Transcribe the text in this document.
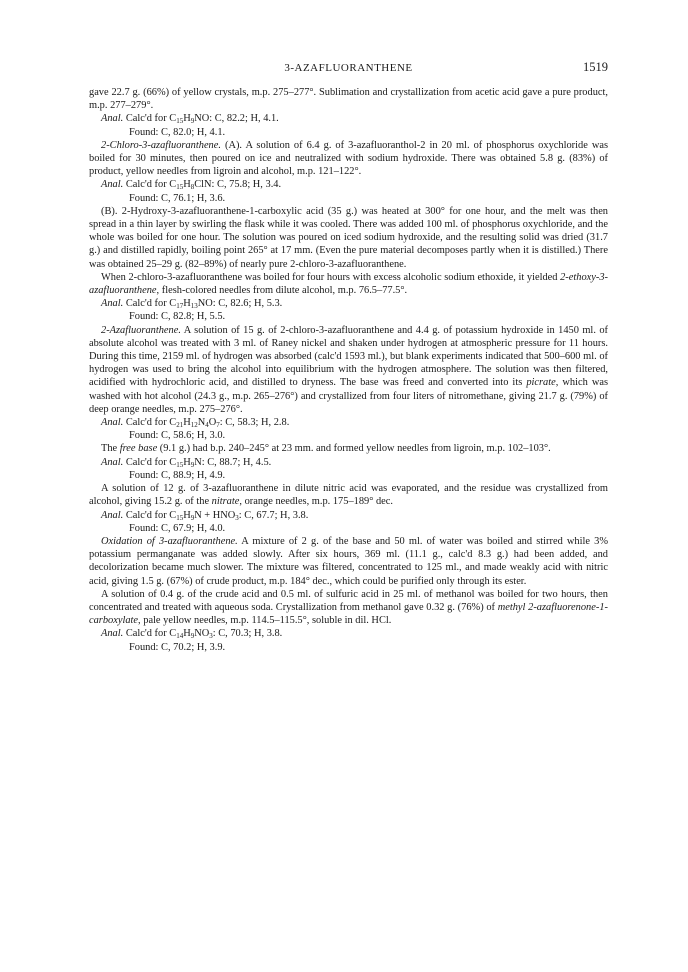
3-AZAFLUORANTHENE	1519

gave 22.7 g. (66%) of yellow crystals, m.p. 275–277°. Sublimation and crystallization from acetic acid gave a pure product, m.p. 277–279°.

Anal. Calc'd for $C_{15}H_9NO$: C, 82.2; H, 4.1.

Found: C, 82.0; H, 4.1.

2-Chloro-3-azafluoranthene. (A). A solution of 6.4 g. of 3-azafluoranthol-2 in 20 ml. of phosphorus oxychloride was boiled for 30 minutes, then poured on ice and neutralized with sodium hydroxide. There was obtained 5.8 g. (83%) of product, yellow needles from ligroin and alcohol, m.p. 121–122°.

Anal. Calc'd for $C_{15}H_8ClN$: C, 75.8; H, 3.4.

Found: C, 76.1; H, 3.6.

(B). 2-Hydroxy-3-azafluoranthene-1-carboxylic acid (35 g.) was heated at 300° for one hour, and the melt was then spread in a thin layer by swirling the flask while it was cooled. There was added 100 ml. of phosphorus oxychloride, and the whole was boiled for one hour. The solution was poured on iced sodium hydroxide, and the resulting solid was dried (31.7 g.) and distilled rapidly, boiling point 265° at 17 mm. (Even the pure material decomposes partly when it is distilled.) There was obtained 25–29 g. (82–89%) of nearly pure 2-chloro-3-azafluoranthene.

When 2-chloro-3-azafluoranthene was boiled for four hours with excess alcoholic sodium ethoxide, it yielded 2-ethoxy-3-azafluoranthene, flesh-colored needles from dilute alcohol, m.p. 76.5–77.5°.

Anal. Calc'd for $C_{17}H_{13}NO$: C, 82.6; H, 5.3.

Found: C, 82.8; H, 5.5.

2-Azafluoranthene. A solution of 15 g. of 2-chloro-3-azafluoranthene and 4.4 g. of potassium hydroxide in 1450 ml. of absolute alcohol was treated with 3 ml. of Raney nickel and shaken under hydrogen at atmospheric pressure for 11 hours. During this time, 2159 ml. of hydrogen was absorbed (calc'd 1593 ml.), but blank experiments indicated that 500–600 ml. of hydrogen was used to bring the alcohol into equilibrium with the hydrogen atmosphere. The solution was then filtered, acidified with hydrochloric acid, and distilled to dryness. The base was freed and converted into its picrate, which was washed with hot alcohol (24.3 g., m.p. 265–276°) and crystallized from four liters of nitromethane, giving 21.7 g. (79%) of deep orange needles, m.p. 275–276°.

Anal. Calc'd for $C_{21}H_{12}N_4O_7$: C, 58.3; H, 2.8.

Found: C, 58.6; H, 3.0.

The free base (9.1 g.) had b.p. 240–245° at 23 mm. and formed yellow needles from ligroin, m.p. 102–103°.

Anal. Calc'd for $C_{15}H_9N$: C, 88.7; H, 4.5.

Found: C, 88.9; H, 4.9.

A solution of 12 g. of 3-azafluoranthene in dilute nitric acid was evaporated, and the residue was crystallized from alcohol, giving 15.2 g. of the nitrate, orange needles, m.p. 175–189° dec.

Anal. Calc'd for $C_{15}H_9N + HNO_3$: C, 67.7; H, 3.8.

Found: C, 67.9; H, 4.0.

Oxidation of 3-azafluoranthene. A mixture of 2 g. of the base and 50 ml. of water was boiled and stirred while 3% potassium permanganate was added slowly. After six hours, 369 ml. (11.1 g., calc'd 8.3 g.) had been added, and decolorization became much slower. The mixture was filtered, concentrated to 125 ml., and made weakly acid with nitric acid, giving 1.5 g. (67%) of crude product, m.p. 184° dec., which could be purified only through its ester.

A solution of 0.4 g. of the crude acid and 0.5 ml. of sulfuric acid in 25 ml. of methanol was boiled for two hours, then concentrated and treated with aqueous soda. Crystallization from methanol gave 0.32 g. (76%) of methyl 2-azafluorenone-1-carboxylate, pale yellow needles, m.p. 114.5–115.5°, soluble in dil. HCl.

Anal. Calc'd for $C_{14}H_9NO_3$: C, 70.3; H, 3.8.

Found: C, 70.2; H, 3.9.
